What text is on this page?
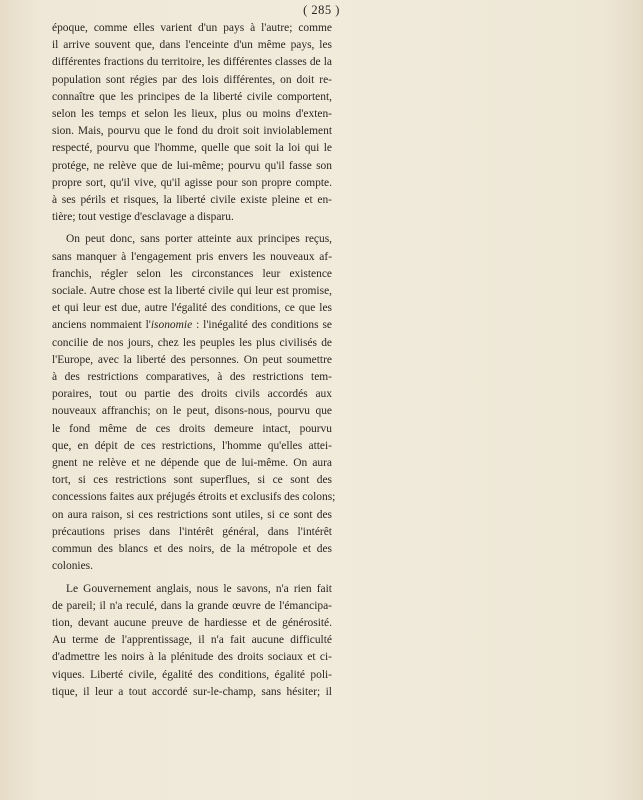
( 285 )

époque, comme elles varient d'un pays à l'autre; comme
il arrive souvent que, dans l'enceinte d'un même pays, les
différentes fractions du territoire, les différentes classes de la
population sont régies par des lois différentes, on doit re-
connaître que les principes de la liberté civile comportent,
selon les temps et selon les lieux, plus ou moins d'exten-
sion. Mais, pourvu que le fond du droit soit inviolablement
respecté, pourvu que l'homme, quelle que soit la loi qui le
protége, ne relève que de lui-même; pourvu qu'il fasse son
propre sort, qu'il vive, qu'il agisse pour son propre compte.
à ses périls et risques, la liberté civile existe pleine et en-
tière; tout vestige d'esclavage a disparu.

On peut donc, sans porter atteinte aux principes reçus,
sans manquer à l'engagement pris envers les nouveaux af-
franchis, régler selon les circonstances leur existence
sociale. Autre chose est la liberté civile qui leur est promise,
et qui leur est due, autre l'égalité des conditions, ce que les
anciens nommaient l'isonomie : l'inégalité des conditions se
concilie de nos jours, chez les peuples les plus civilisés de
l'Europe, avec la liberté des personnes. On peut soumettre
à des restrictions comparatives, à des restrictions tem-
poraires, tout ou partie des droits civils accordés aux
nouveaux affranchis; on le peut, disons-nous, pourvu que
le fond même de ces droits demeure intact, pourvu
que, en dépit de ces restrictions, l'homme qu'elles attei-
gnent ne relève et ne dépende que de lui-même. On aura
tort, si ces restrictions sont superflues, si ce sont des
concessions faites aux préjugés étroits et exclusifs des colons;
on aura raison, si ces restrictions sont utiles, si ce sont des
précautions prises dans l'intérêt général, dans l'intérêt
commun des blancs et des noirs, de la métropole et des
colonies.

Le Gouvernement anglais, nous le savons, n'a rien fait
de pareil; il n'a reculé, dans la grande œuvre de l'émancipa-
tion, devant aucune preuve de hardiesse et de générosité.
Au terme de l'apprentissage, il n'a fait aucune difficulté
d'admettre les noirs à la plénitude des droits sociaux et ci-
viques. Liberté civile, égalité des conditions, égalité poli-
tique, il leur a tout accordé sur-le-champ, sans hésiter; il
